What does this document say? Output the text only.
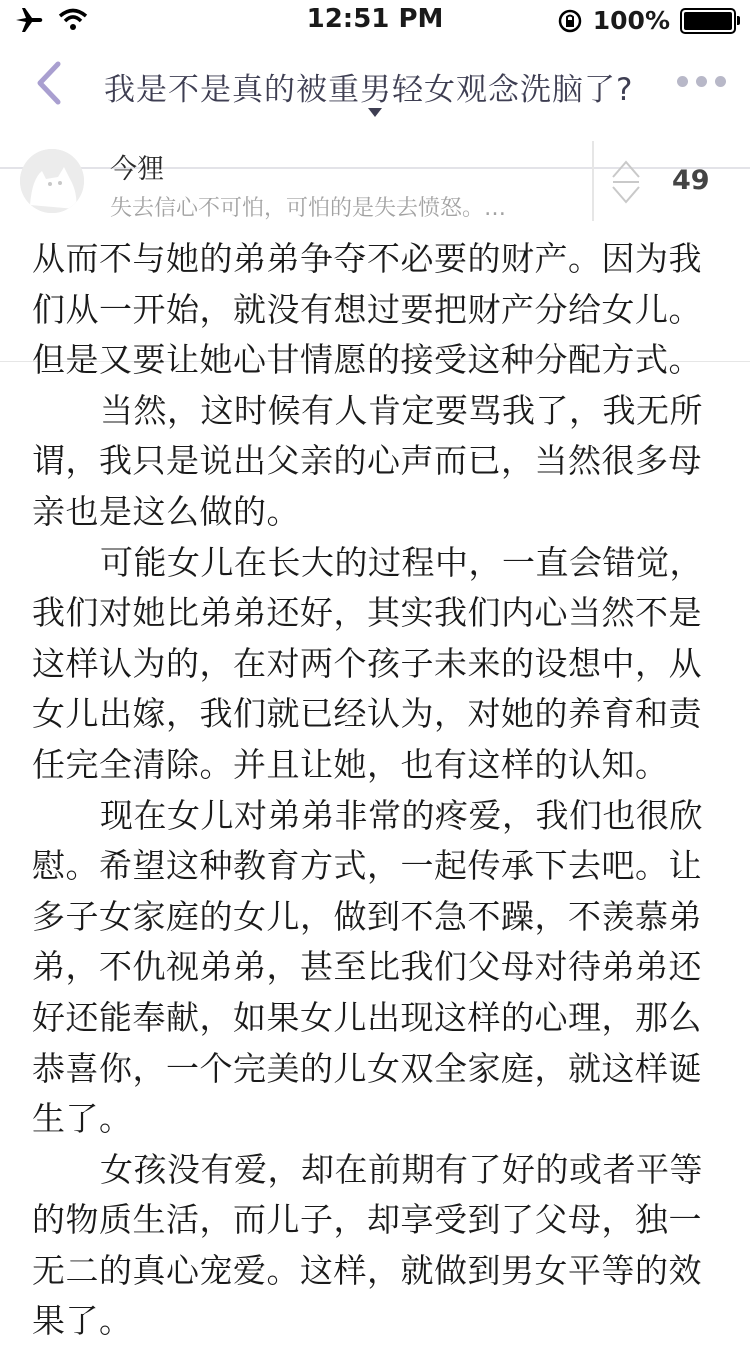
12:51 PM	100%
我是不是真的被重男轻女观念洗脑了?
今狸
失去信心不可怕，可怕的是失去愤怒。…
49

从而不与她的弟弟争夺不必要的财产。因为我们从一开始，就没有想过要把财产分给女儿。但是又要让她心甘情愿的接受这种分配方式。

当然，这时候有人肯定要骂我了，我无所谓，我只是说出父亲的心声而已，当然很多母亲也是这么做的。

可能女儿在长大的过程中，一直会错觉，我们对她比弟弟还好，其实我们内心当然不是这样认为的，在对两个孩子未来的设想中，从女儿出嫁，我们就已经认为，对她的养育和责任完全清除。并且让她，也有这样的认知。

现在女儿对弟弟非常的疼爱，我们也很欣慰。希望这种教育方式，一起传承下去吧。让多子女家庭的女儿，做到不急不躁，不羡慕弟弟，不仇视弟弟，甚至比我们父母对待弟弟还好还能奉献，如果女儿出现这样的心理，那么恭喜你，一个完美的儿女双全家庭，就这样诞生了。

女孩没有爱，却在前期有了好的或者平等的物质生活，而儿子，却享受到了父母，独一无二的真心宠爱。这样，就做到男女平等的效果了。
